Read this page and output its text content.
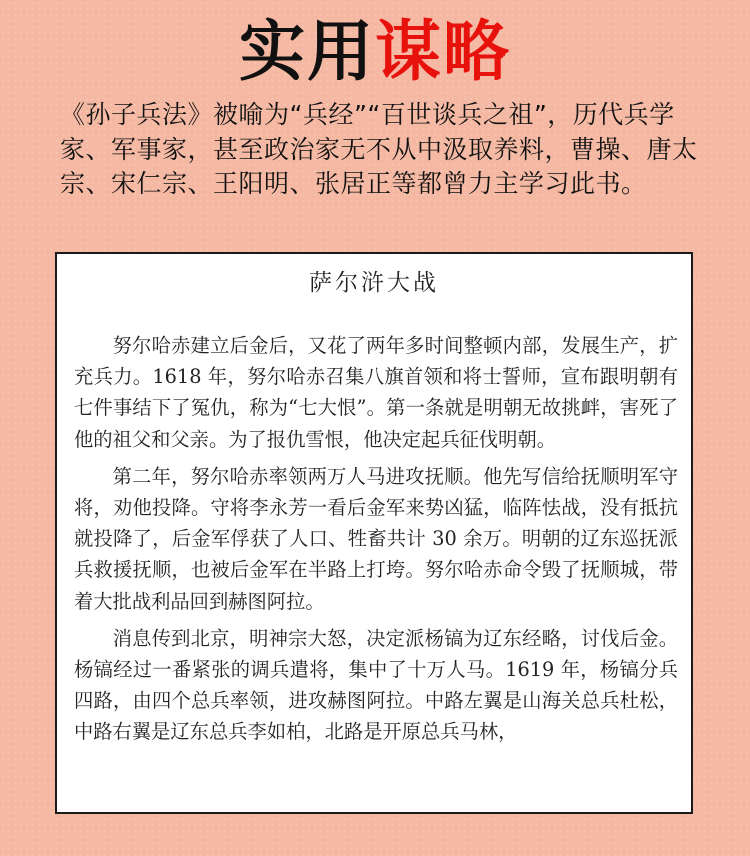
实用谋略
《孙子兵法》被喻为“兵经”“百世谈兵之祖”，历代兵学家、军事家，甚至政治家无不从中汲取养料，曹操、唐太宗、宋仁宗、王阳明、张居正等都曾力主学习此书。
萨尔浒大战

努尔哈赤建立后金后，又花了两年多时间整顿内部，发展生产，扩充兵力。1618 年，努尔哈赤召集八旗首领和将士誓师，宣布跟明朝有七件事结下了冤仇，称为“七大恨”。第一条就是明朝无故挑衅，害死了他的祖父和父亲。为了报仇雪恨，他决定起兵征伐明朝。

第二年，努尔哈赤率领两万人马进攻抚顺。他先写信给抚顺明军守将，劝他投降。守将李永芳一看后金军来势凶猛，临阵怯战，没有抵抗就投降了，后金军俘获了人口、牲畜共计 30 余万。明朝的辽东巡抚派兵救援抚顺，也被后金军在半路上打垮。努尔哈赤命令毁了抚顺城，带着大批战利品回到赫图阿拉。

消息传到北京，明神宗大怒，决定派杨镐为辽东经略，讨伐后金。杨镐经过一番紧张的调兵遣将，集中了十万人马。1619 年，杨镐分兵四路，由四个总兵率领，进攻赫图阿拉。中路左翼是山海关总兵杜松，中路右翼是辽东总兵李如柏，北路是开原总兵马林，
